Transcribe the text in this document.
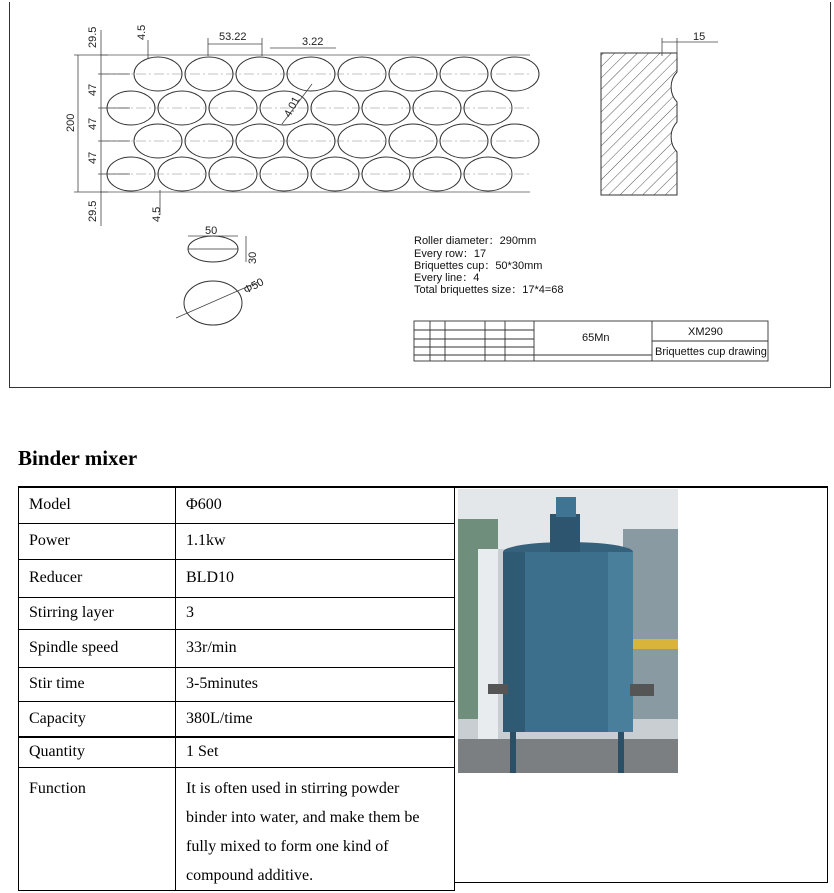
29.5	4.5
47
47
47
200
29.5	4.5
53.22	3.22
4.01
15
50
30
Φ50
Roller diameter：290mm
Every row：17
Briquettes cup：50*30mm
Every line：4
Total briquettes size：17*4=68
65Mn	XM290
Briquettes cup drawing
Binder mixer
Model	Φ600
Power	1.1kw
Reducer	BLD10
Stirring layer	3
Spindle speed	33r/min
Stir time	3-5minutes
Capacity	380L/time
Quantity	1 Set
Function	It is often used in stirring powder binder into water, and make them be fully mixed to form one kind of compound additive.
